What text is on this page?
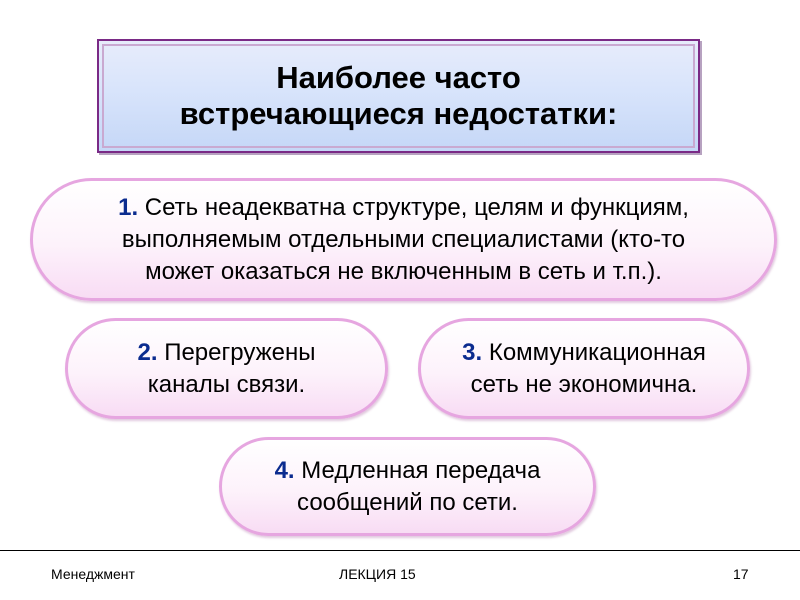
Наиболее часто
встречающиеся недостатки:
1. Сеть неадекватна структуре, целям и функциям,
выполняемым отдельными специалистами (кто-то
может оказаться не включенным в сеть и т.п.).
2. Перегружены
каналы связи.
3. Коммуникационная
сеть не экономична.
4. Медленная передача
сообщений по сети.
Менеджмент	ЛЕКЦИЯ 15	17
